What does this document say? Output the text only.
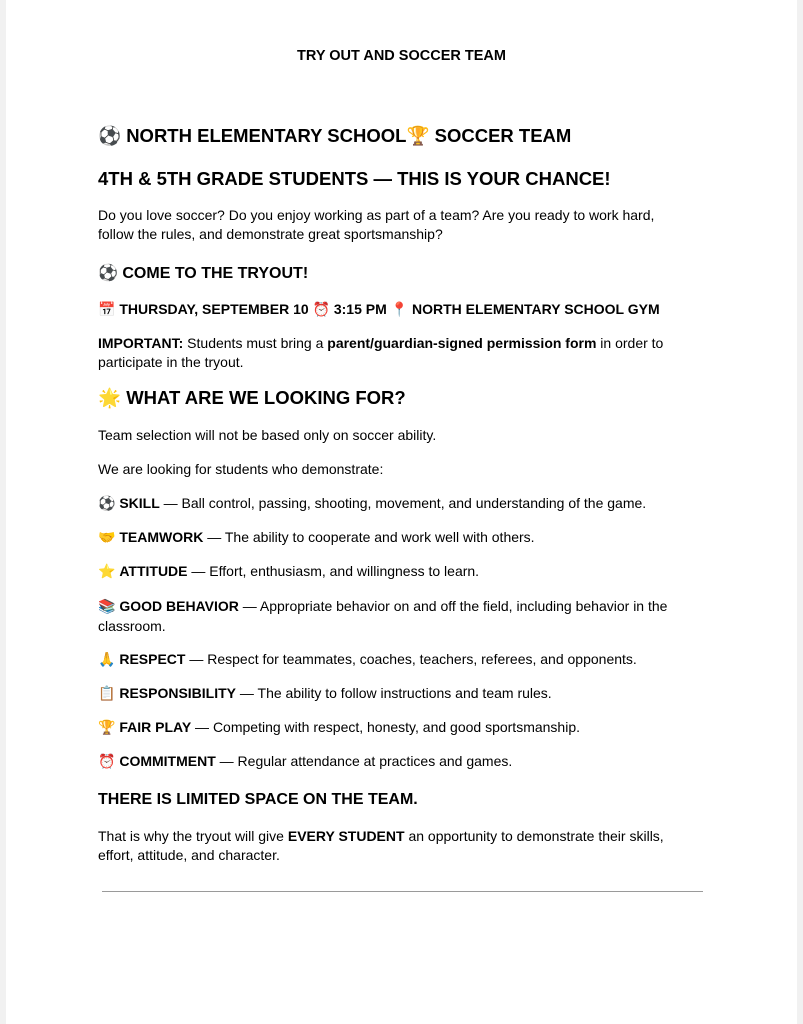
TRY OUT AND SOCCER TEAM
⚽ NORTH ELEMENTARY SCHOOL🏆 SOCCER TEAM
4TH & 5TH GRADE STUDENTS — THIS IS YOUR CHANCE!

Do you love soccer? Do you enjoy working as part of a team? Are you ready to work hard, follow the rules, and demonstrate great sportsmanship?

⚽ COME TO THE TRYOUT!

📅 THURSDAY, SEPTEMBER 10 ⏰ 3:15 PM 📍 NORTH ELEMENTARY SCHOOL GYM

IMPORTANT: Students must bring a parent/guardian-signed permission form in order to participate in the tryout.

🌟 WHAT ARE WE LOOKING FOR?

Team selection will not be based only on soccer ability.

We are looking for students who demonstrate:

⚽ SKILL — Ball control, passing, shooting, movement, and understanding of the game.

🤝 TEAMWORK — The ability to cooperate and work well with others.

⭐ ATTITUDE — Effort, enthusiasm, and willingness to learn.

📚 GOOD BEHAVIOR — Appropriate behavior on and off the field, including behavior in the classroom.

🙏 RESPECT — Respect for teammates, coaches, teachers, referees, and opponents.

📋 RESPONSIBILITY — The ability to follow instructions and team rules.

🏆 FAIR PLAY — Competing with respect, honesty, and good sportsmanship.

⏰ COMMITMENT — Regular attendance at practices and games.

THERE IS LIMITED SPACE ON THE TEAM.

That is why the tryout will give EVERY STUDENT an opportunity to demonstrate their skills, effort, attitude, and character.
